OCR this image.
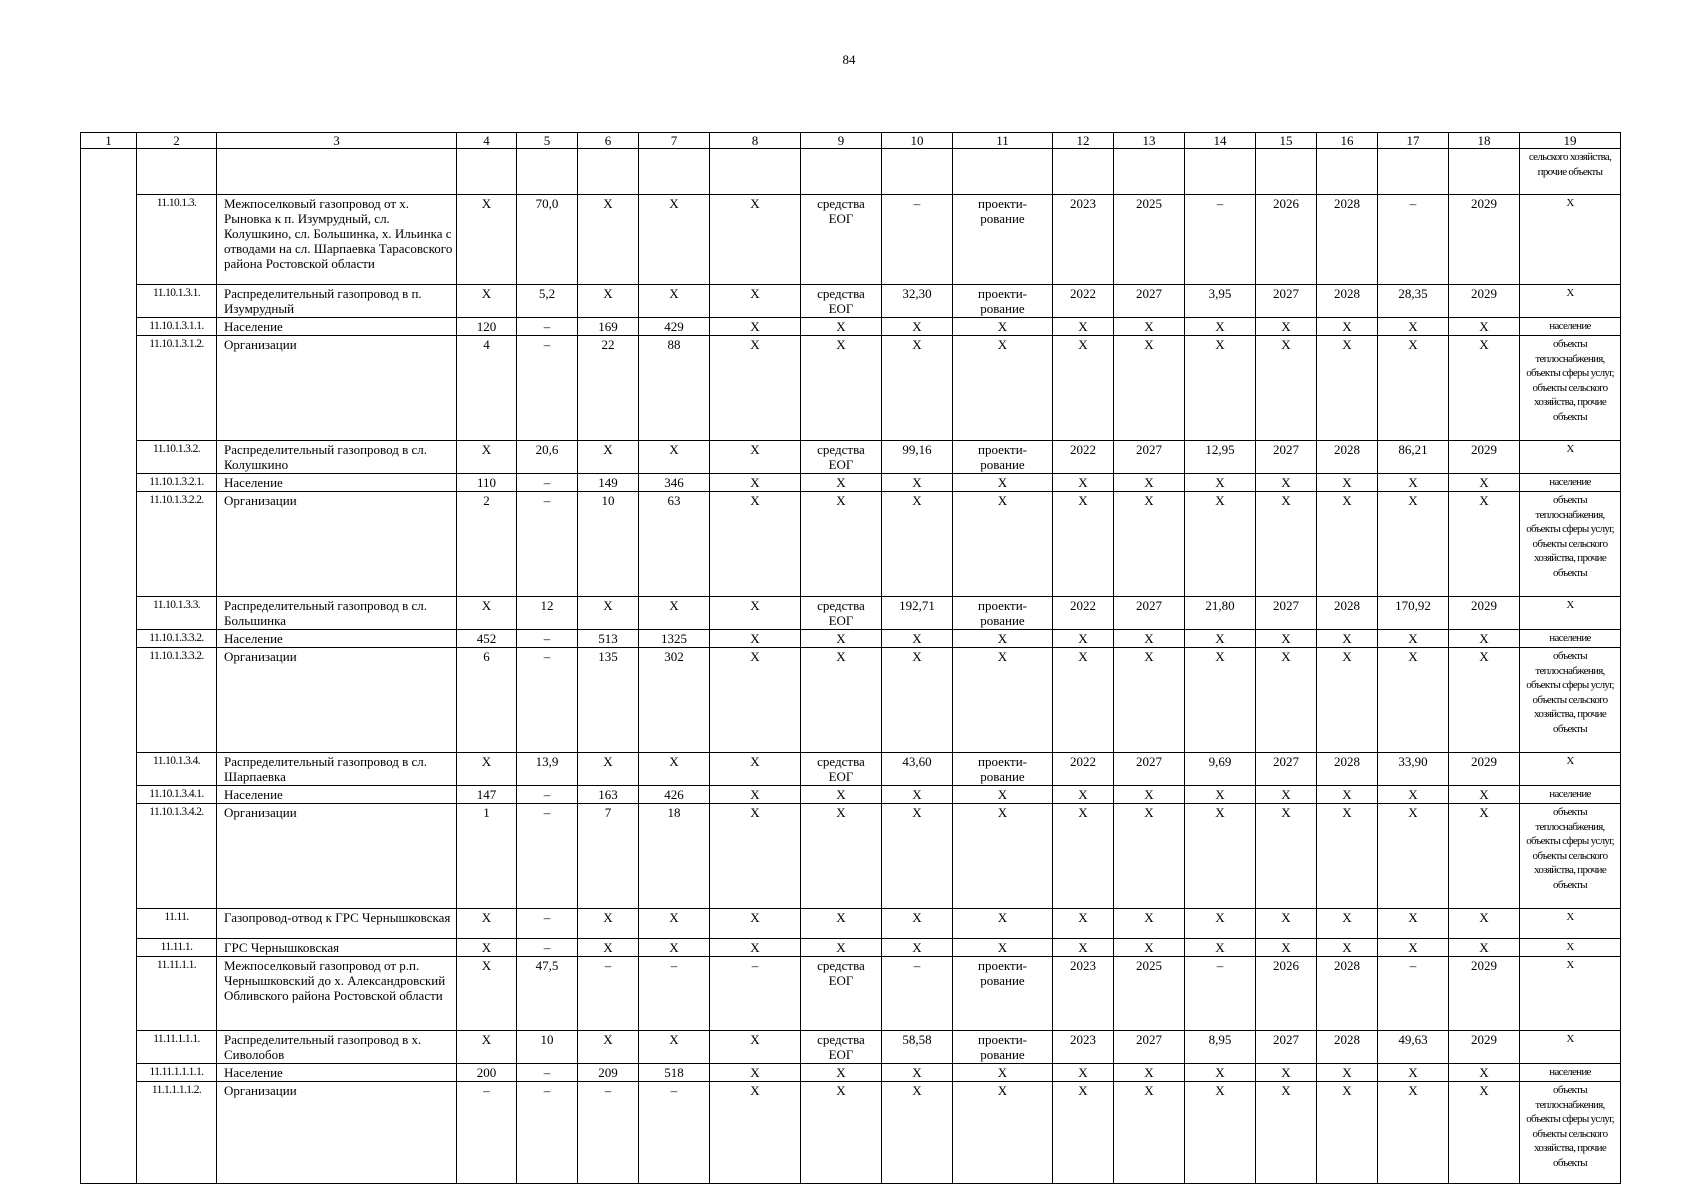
84
1	2	3	4	5	6	7	8	9	10	11	12	13	14	15	16	17	18	19
																		сельского хозяйства, прочие объекты
	11.10.1.3.	Межпоселковый газопровод от х. Рыновка к п. Изумрудный, сл. Колушкино, сл. Большинка, х. Ильинка с отводами на сл. Шарпаевка Тарасовского района Ростовской области	Х	70,0	Х	Х	Х	средства ЕОГ	–	проекти-рование	2023	2025	–	2026	2028	–	2029	Х
	11.10.1.3.1.	Распределительный газопровод в п. Изумрудный	Х	5,2	Х	Х	Х	средства ЕОГ	32,30	проекти-рование	2022	2027	3,95	2027	2028	28,35	2029	Х
	11.10.1.3.1.1.	Население	120	–	169	429	Х	Х	Х	Х	Х	Х	Х	Х	Х	Х	Х	население
	11.10.1.3.1.2.	Организации	4	–	22	88	Х	Х	Х	Х	Х	Х	Х	Х	Х	Х	Х	объекты теплоснабжения, объекты сферы услуг, объекты сельского хозяйства, прочие объекты
	11.10.1.3.2.	Распределительный газопровод в сл. Колушкино	Х	20,6	Х	Х	Х	средства ЕОГ	99,16	проекти-рование	2022	2027	12,95	2027	2028	86,21	2029	Х
	11.10.1.3.2.1.	Население	110	–	149	346	Х	Х	Х	Х	Х	Х	Х	Х	Х	Х	Х	население
	11.10.1.3.2.2.	Организации	2	–	10	63	Х	Х	Х	Х	Х	Х	Х	Х	Х	Х	Х	объекты теплоснабжения, объекты сферы услуг, объекты сельского хозяйства, прочие объекты
	11.10.1.3.3.	Распределительный газопровод в сл. Большинка	Х	12	Х	Х	Х	средства ЕОГ	192,71	проекти-рование	2022	2027	21,80	2027	2028	170,92	2029	Х
	11.10.1.3.3.2.	Население	452	–	513	1325	Х	Х	Х	Х	Х	Х	Х	Х	Х	Х	Х	население
	11.10.1.3.3.2.	Организации	6	–	135	302	Х	Х	Х	Х	Х	Х	Х	Х	Х	Х	Х	объекты теплоснабжения, объекты сферы услуг, объекты сельского хозяйства, прочие объекты
	11.10.1.3.4.	Распределительный газопровод в сл. Шарпаевка	Х	13,9	Х	Х	Х	средства ЕОГ	43,60	проекти-рование	2022	2027	9,69	2027	2028	33,90	2029	Х
	11.10.1.3.4.1.	Население	147	–	163	426	Х	Х	Х	Х	Х	Х	Х	Х	Х	Х	Х	население
	11.10.1.3.4.2.	Организации	1	–	7	18	Х	Х	Х	Х	Х	Х	Х	Х	Х	Х	Х	объекты теплоснабжения, объекты сферы услуг, объекты сельского хозяйства, прочие объекты
	11.11.	Газопровод-отвод к ГРС Чернышковская	Х	–	Х	Х	Х	Х	Х	Х	Х	Х	Х	Х	Х	Х	Х	Х
	11.11.1.	ГРС Чернышковская	Х	–	Х	Х	Х	Х	Х	Х	Х	Х	Х	Х	Х	Х	Х	Х
	11.11.1.1.	Межпоселковый газопровод от р.п. Чернышковский до х. Александровский Обливского района Ростовской области	Х	47,5	–	–	–	средства ЕОГ	–	проекти-рование	2023	2025	–	2026	2028	–	2029	Х
	11.11.1.1.1.	Распределительный газопровод в х. Сиволобов	Х	10	Х	Х	Х	средства ЕОГ	58,58	проекти-рование	2023	2027	8,95	2027	2028	49,63	2029	Х
	11.11.1.1.1.1.	Население	200	–	209	518	Х	Х	Х	Х	Х	Х	Х	Х	Х	Х	Х	население
	11.1.1.1.1.2.	Организации	–	–	–	–	Х	Х	Х	Х	Х	Х	Х	Х	Х	Х	Х	объекты теплоснабжения, объекты сферы услуг, объекты сельского хозяйства, прочие объекты
